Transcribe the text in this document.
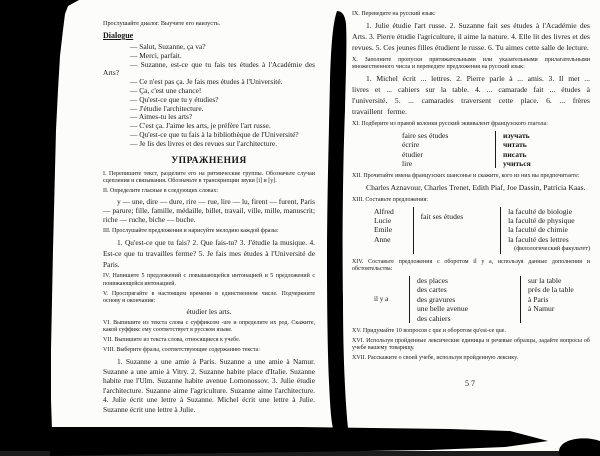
Прослушайте диалог. Выучите его наизусть.
Dialogue
— Salut, Suzanne, ça va?
— Merci, parfait.
— Suzanne, est-ce que tu fais tes études à l'Académie des Arts?
— Ce n'est pas ça. Je fais mes études à l'Université.
— Ça, c'est une chance!
— Qu'est-ce que tu y étudies?
— J'étudie l'architecture.
— Aimes-tu les arts?
— C'est ça. J'aime les arts, je préfère l'art russe.
— Qu'est-ce que tu fais à la bibliothèque de l'Université?
— Je lis des livres et des revues sur l'architecture.
УПРАЖНЕНИЯ
I. Перепишите текст, разделите его на ритмические группы. Обозначьте случаи сцепления и связывания. Обозначьте в транскрипции звуки [i] и [y].
II. Определите гласные в следующих словах:
y — une, dire — dure, rire — rue, lire — lu, firent — furent, Paris — parure; fille, famille, médaille, billet, travail, ville, mille, manuscrit; riche — ruche, biche — buche.
III. Прослушайте предложения и нарисуйте мелодию каждой фразы:
1. Qu'est-ce que tu fais? 2. Que fais-tu? 3. J'étudie la musique. 4. Est-ce que tu travailles ferme? 5. Je fais mes études à l'Université de Paris.
IV. Напишите 5 предложений с повышающейся интонацией и 5 предложений с понижающейся интонацией.
V. Проспрягайте в настоящем времени в единственном числе. Подчеркните основу и окончания:
étudier les arts.
VI. Выпишите из текста слова с суффиксом -ure и определите их род. Скажите, какой суффикс ему соответствует в русском языке.
VII. Выпишите из текста слова, относящиеся к учебе.
VIII. Выберите фразы, соответствующие содержанию текста:
1. Suzanne a une amie à Paris. Suzanne a une amie à Namur. Suzanne a une amie à Vitry. 2. Suzanne habite place d'Italie. Suzanne habite rue l'Ulm. Suzanne habite avenue Lomonossov. 3. Julie étudie l'architecture. Suzanne aime l'agriculture. Suzanne aime l'architecture. 4. Julie écrit une lettre à Suzanne. Michel écrit une lettre à Julie. Suzanne écrit une lettre à Julie.
IX. Переведите на русский язык:
1. Julie étudie l'art russe. 2. Suzanne fait ses études à l'Académie des Arts. 3. Pierre étudie l'agriculture, il aime la nature. 4. Elle lit des livres et des revues. 5. Ces jeunes filles étudient le russe. 6. Tu aimes cette salle de lecture.
X. Заполните пропуски притяжательными или указательными прилагательными множественного числа и переведите предложения на русский язык:
1. Michel écrit ... lettres. 2. Pierre parle à ... amis. 3. Il met ... livres et ... cahiers sur la table. 4. ... camarade fait ... études à l'université. 5. ... camarades traversent cette place. 6. ... frères travaillent ferme.
XI. Подберите из правой колонки русский эквивалент французского глагола:
faire ses études
écrire
étudier
lire
изучать
читать
писать
учиться
XII. Прочитайте имена французских шансонье и скажите, кого из них вы предпочитаете:
Charles Aznavour, Charles Trenet, Edith Piaf, Joe Dassin, Patricia Kaas.
XIII. Составьте предложения:
Alfred
Lucie
Emile
Anne
fait ses études
la faculté de biologie
la faculté de physique
la faculté de chimie
la faculté des lettres
(филологический факультет)
XIV. Составьте предложения с оборотом il y a, используя данные дополнения и обстоятельства:
il y a
des places
des cartes
des gravures
une belle avenue
des cahiers
sur la table
près de la table
à Paris
à Namur
XV. Придумайте 10 вопросов с que и оборотом qu'est-ce que.
XVI. Используя пройденные лексические единицы и речевые образцы, задайте вопросы об учебе вашему товарищу.
XVII. Расскажите о своей учебе, используя пройденную лексику.
57
